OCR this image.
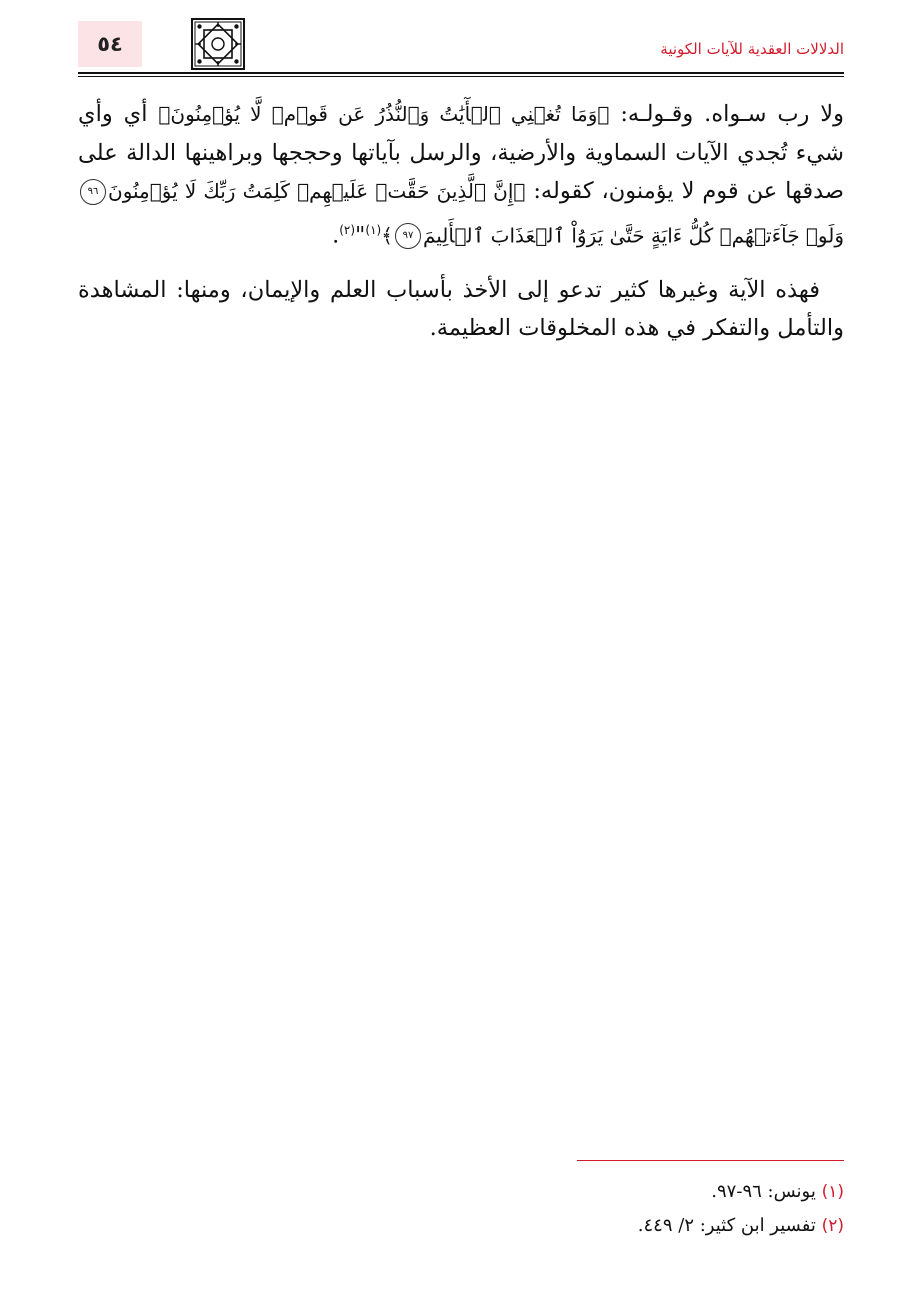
٥٤	الدلالات العقدية للآيات الكونية

ولا رب سـواه. وقـولـه: ﴿وَمَا تُغۡنِي ٱلۡأٓيَٰتُ وَٱلنُّذُرُ عَن قَوۡمٖ لَّا يُؤۡمِنُونَ﴾ أي وأي شيء تُجدي الآيات السماوية والأرضية، والرسل بآياتها وحججها وبراهينها الدالة على صدقها عن قوم لا يؤمنون، كقوله: ﴿إِنَّ ٱلَّذِينَ حَقَّتۡ عَلَيۡهِمۡ كَلِمَتُ رَبِّكَ لَا يُؤۡمِنُونَ٩٦ وَلَوۡ جَآءَتۡهُمۡ كُلُّ ءَايَةٍ حَتَّىٰ يَرَوُاْ ٱلۡعَذَابَ ٱلۡأَلِيمَ٩٧﴾$^{(١)}$"$^{(٢)}$.

فهذه الآية وغيرها كثير تدعو إلى الأخذ بأسباب العلم والإيمان، ومنها: المشاهدة والتأمل والتفكر في هذه المخلوقات العظيمة.

(١) يونس: ٩٦-٩٧.
(٢) تفسير ابن كثير: ٢/ ٤٤٩.
